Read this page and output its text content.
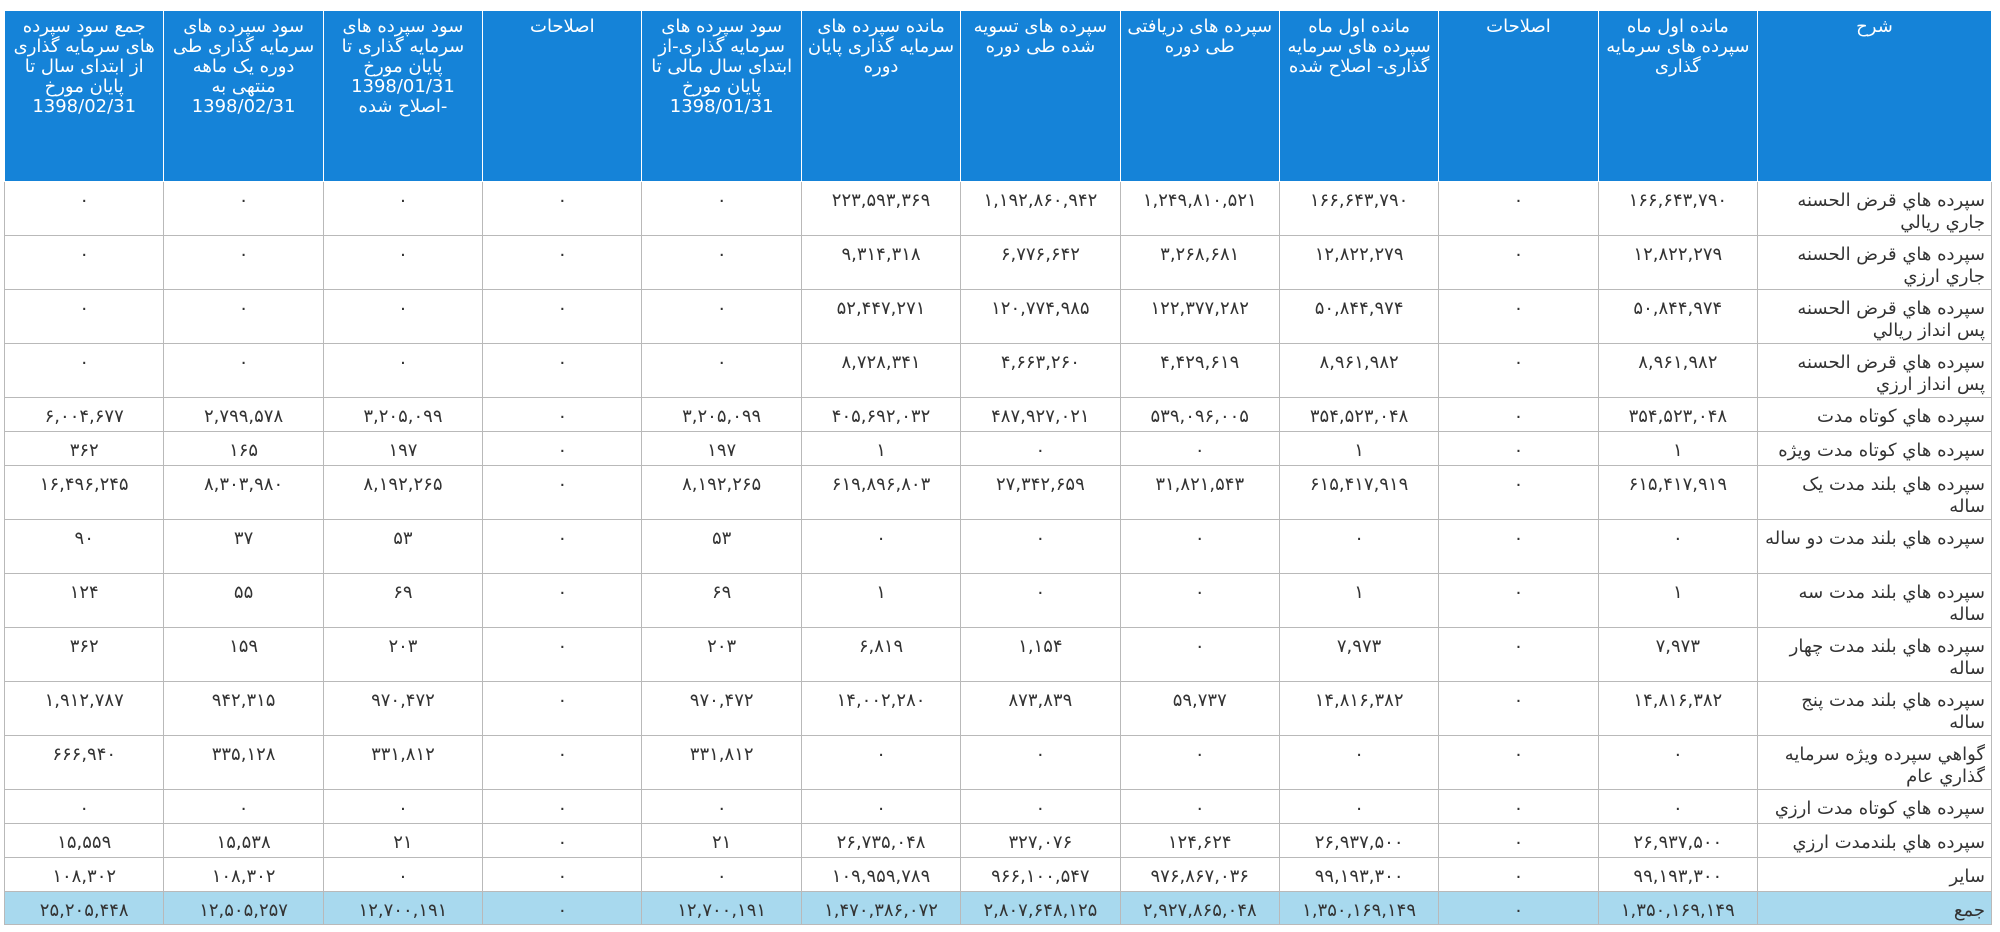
شرح	مانده اول ماه سپرده های سرمایه گذاری	اصلاحات	مانده اول ماه سپرده های سرمایه گذاری- اصلاح شده	سپرده های دریافتی طی دوره	سپرده های تسویه شده طی دوره	مانده سپرده های سرمایه گذاری پایان دوره	سود سپرده های سرمایه گذاری-از ابتدای سال مالی تا پایان مورخ 1398/01/31	اصلاحات	سود سپرده های سرمایه گذاری تا پایان مورخ 1398/01/31 -اصلاح شده	سود سپرده های سرمایه گذاری طی دوره یک ماهه منتهی به 1398/02/31	جمع سود سپرده های سرمایه گذاری از ابتدای سال تا پایان مورخ 1398/02/31
سپرده هاي قرض الحسنه جاري ريالي	۱۶۶,۶۴۳,۷۹۰	۰	۱۶۶,۶۴۳,۷۹۰	۱,۲۴۹,۸۱۰,۵۲۱	۱,۱۹۲,۸۶۰,۹۴۲	۲۲۳,۵۹۳,۳۶۹	۰	۰	۰	۰	۰
سپرده هاي قرض الحسنه جاري ارزي	۱۲,۸۲۲,۲۷۹	۰	۱۲,۸۲۲,۲۷۹	۳,۲۶۸,۶۸۱	۶,۷۷۶,۶۴۲	۹,۳۱۴,۳۱۸	۰	۰	۰	۰	۰
سپرده هاي قرض الحسنه پس انداز ريالي	۵۰,۸۴۴,۹۷۴	۰	۵۰,۸۴۴,۹۷۴	۱۲۲,۳۷۷,۲۸۲	۱۲۰,۷۷۴,۹۸۵	۵۲,۴۴۷,۲۷۱	۰	۰	۰	۰	۰
سپرده هاي قرض الحسنه پس انداز ارزي	۸,۹۶۱,۹۸۲	۰	۸,۹۶۱,۹۸۲	۴,۴۲۹,۶۱۹	۴,۶۶۳,۲۶۰	۸,۷۲۸,۳۴۱	۰	۰	۰	۰	۰
سپرده هاي كوتاه مدت	۳۵۴,۵۲۳,۰۴۸	۰	۳۵۴,۵۲۳,۰۴۸	۵۳۹,۰۹۶,۰۰۵	۴۸۷,۹۲۷,۰۲۱	۴۰۵,۶۹۲,۰۳۲	۳,۲۰۵,۰۹۹	۰	۳,۲۰۵,۰۹۹	۲,۷۹۹,۵۷۸	۶,۰۰۴,۶۷۷
سپرده هاي كوتاه مدت ويژه	۱	۰	۱	۰	۰	۱	۱۹۷	۰	۱۹۷	۱۶۵	۳۶۲
سپرده هاي بلند مدت يک ساله	۶۱۵,۴۱۷,۹۱۹	۰	۶۱۵,۴۱۷,۹۱۹	۳۱,۸۲۱,۵۴۳	۲۷,۳۴۲,۶۵۹	۶۱۹,۸۹۶,۸۰۳	۸,۱۹۲,۲۶۵	۰	۸,۱۹۲,۲۶۵	۸,۳۰۳,۹۸۰	۱۶,۴۹۶,۲۴۵
سپرده هاي بلند مدت دو ساله	۰	۰	۰	۰	۰	۰	۵۳	۰	۵۳	۳۷	۹۰
سپرده هاي بلند مدت سه ساله	۱	۰	۱	۰	۰	۱	۶۹	۰	۶۹	۵۵	۱۲۴
سپرده هاي بلند مدت چهار ساله	۷,۹۷۳	۰	۷,۹۷۳	۰	۱,۱۵۴	۶,۸۱۹	۲۰۳	۰	۲۰۳	۱۵۹	۳۶۲
سپرده هاي بلند مدت پنج ساله	۱۴,۸۱۶,۳۸۲	۰	۱۴,۸۱۶,۳۸۲	۵۹,۷۳۷	۸۷۳,۸۳۹	۱۴,۰۰۲,۲۸۰	۹۷۰,۴۷۲	۰	۹۷۰,۴۷۲	۹۴۲,۳۱۵	۱,۹۱۲,۷۸۷
گواهي سپرده ويژه سرمايه گذاري عام	۰	۰	۰	۰	۰	۰	۳۳۱,۸۱۲	۰	۳۳۱,۸۱۲	۳۳۵,۱۲۸	۶۶۶,۹۴۰
سپرده هاي كوتاه مدت ارزي	۰	۰	۰	۰	۰	۰	۰	۰	۰	۰	۰
سپرده هاي بلندمدت ارزي	۲۶,۹۳۷,۵۰۰	۰	۲۶,۹۳۷,۵۰۰	۱۲۴,۶۲۴	۳۲۷,۰۷۶	۲۶,۷۳۵,۰۴۸	۲۱	۰	۲۱	۱۵,۵۳۸	۱۵,۵۵۹
ساير	۹۹,۱۹۳,۳۰۰	۰	۹۹,۱۹۳,۳۰۰	۹۷۶,۸۶۷,۰۳۶	۹۶۶,۱۰۰,۵۴۷	۱۰۹,۹۵۹,۷۸۹	۰	۰	۰	۱۰۸,۳۰۲	۱۰۸,۳۰۲
جمع	۱,۳۵۰,۱۶۹,۱۴۹	۰	۱,۳۵۰,۱۶۹,۱۴۹	۲,۹۲۷,۸۶۵,۰۴۸	۲,۸۰۷,۶۴۸,۱۲۵	۱,۴۷۰,۳۸۶,۰۷۲	۱۲,۷۰۰,۱۹۱	۰	۱۲,۷۰۰,۱۹۱	۱۲,۵۰۵,۲۵۷	۲۵,۲۰۵,۴۴۸
